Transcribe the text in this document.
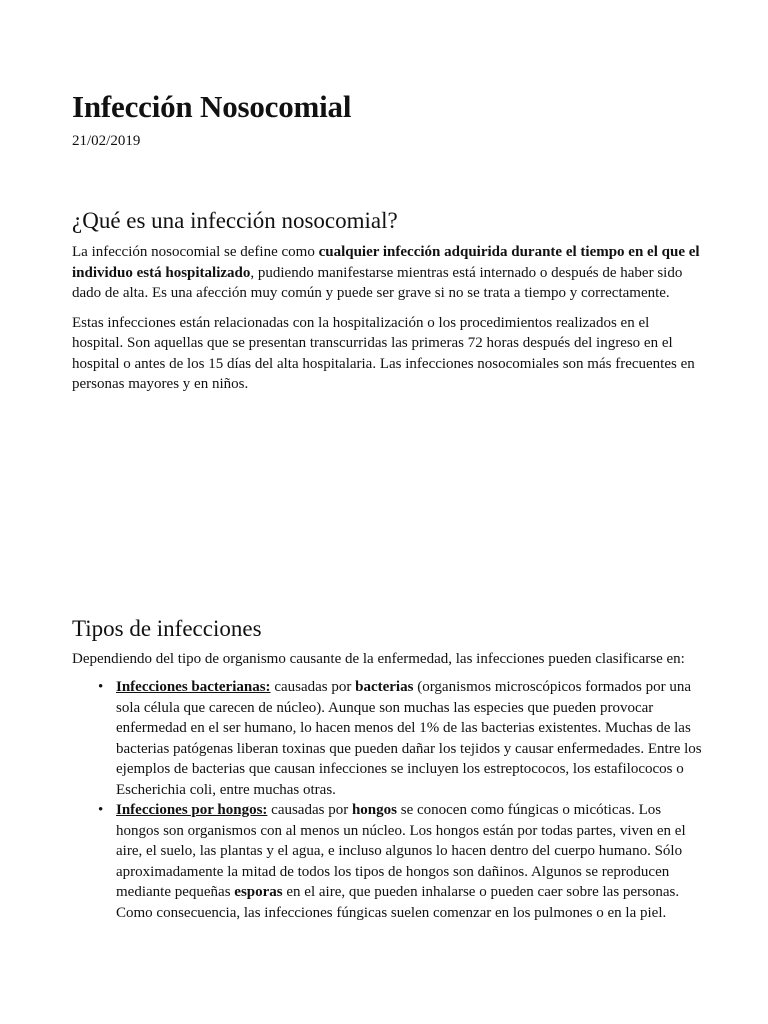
Infección Nosocomial
21/02/2019
¿Qué es una infección nosocomial?

La infección nosocomial se define como cualquier infección adquirida durante el tiempo en el que el individuo está hospitalizado, pudiendo manifestarse mientras está internado o después de haber sido dado de alta. Es una afección muy común y puede ser grave si no se trata a tiempo y correctamente.

Estas infecciones están relacionadas con la hospitalización o los procedimientos realizados en el hospital. Son aquellas que se presentan transcurridas las primeras 72 horas después del ingreso en el hospital o antes de los 15 días del alta hospitalaria. Las infecciones nosocomiales son más frecuentes en personas mayores y en niños.

Tipos de infecciones

Dependiendo del tipo de organismo causante de la enfermedad, las infecciones pueden clasificarse en:

• Infecciones bacterianas: causadas por bacterias (organismos microscópicos formados por una sola célula que carecen de núcleo). Aunque son muchas las especies que pueden provocar enfermedad en el ser humano, lo hacen menos del 1% de las bacterias existentes. Muchas de las bacterias patógenas liberan toxinas que pueden dañar los tejidos y causar enfermedades. Entre los ejemplos de bacterias que causan infecciones se incluyen los estreptococos, los estafilococos o Escherichia coli, entre muchas otras.
• Infecciones por hongos: causadas por hongos se conocen como fúngicas o micóticas. Los hongos son organismos con al menos un núcleo. Los hongos están por todas partes, viven en el aire, el suelo, las plantas y el agua, e incluso algunos lo hacen dentro del cuerpo humano. Sólo aproximadamente la mitad de todos los tipos de hongos son dañinos. Algunos se reproducen mediante pequeñas esporas en el aire, que pueden inhalarse o pueden caer sobre las personas. Como consecuencia, las infecciones fúngicas suelen comenzar en los pulmones o en la piel.
